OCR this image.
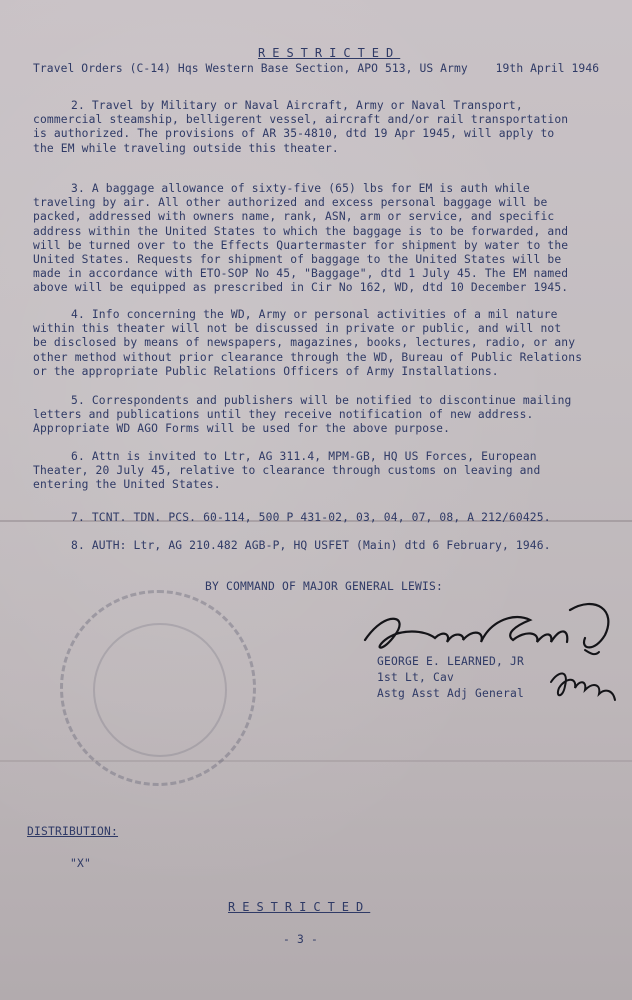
RESTRICTED
Travel Orders (C-14) Hqs Western Base Section, APO 513, US Army 19th April 1946
2. Travel by Military or Naval Aircraft, Army or Naval Transport,
commercial steamship, belligerent vessel, aircraft and/or rail transportation
is authorized. The provisions of AR 35-4810, dtd 19 Apr 1945, will apply to
the EM while traveling outside this theater.
3. A baggage allowance of sixty-five (65) lbs for EM is auth while
traveling by air. All other authorized and excess personal baggage will be
packed, addressed with owners name, rank, ASN, arm or service, and specific
address within the United States to which the baggage is to be forwarded, and
will be turned over to the Effects Quartermaster for shipment by water to the
United States. Requests for shipment of baggage to the United States will be
made in accordance with ETO-SOP No 45, "Baggage", dtd 1 July 45. The EM named
above will be equipped as prescribed in Cir No 162, WD, dtd 10 December 1945.
4. Info concerning the WD, Army or personal activities of a mil nature
within this theater will not be discussed in private or public, and will not
be disclosed by means of newspapers, magazines, books, lectures, radio, or any
other method without prior clearance through the WD, Bureau of Public Relations
or the appropriate Public Relations Officers of Army Installations.
5. Correspondents and publishers will be notified to discontinue mailing
letters and publications until they receive notification of new address.
Appropriate WD AGO Forms will be used for the above purpose.
6. Attn is invited to Ltr, AG 311.4, MPM-GB, HQ US Forces, European
Theater, 20 July 45, relative to clearance through customs on leaving and
entering the United States.
7. TCNT. TDN. PCS. 60-114, 500 P 431-02, 03, 04, 07, 08, A 212/60425.
8. AUTH: Ltr, AG 210.482 AGB-P, HQ USFET (Main) dtd 6 February, 1946.
BY COMMAND OF MAJOR GENERAL LEWIS:
GEORGE E. LEARNED, JR
1st Lt, Cav
Astg Asst Adj General
DISTRIBUTION:
"X"
RESTRICTED
- 3 -
